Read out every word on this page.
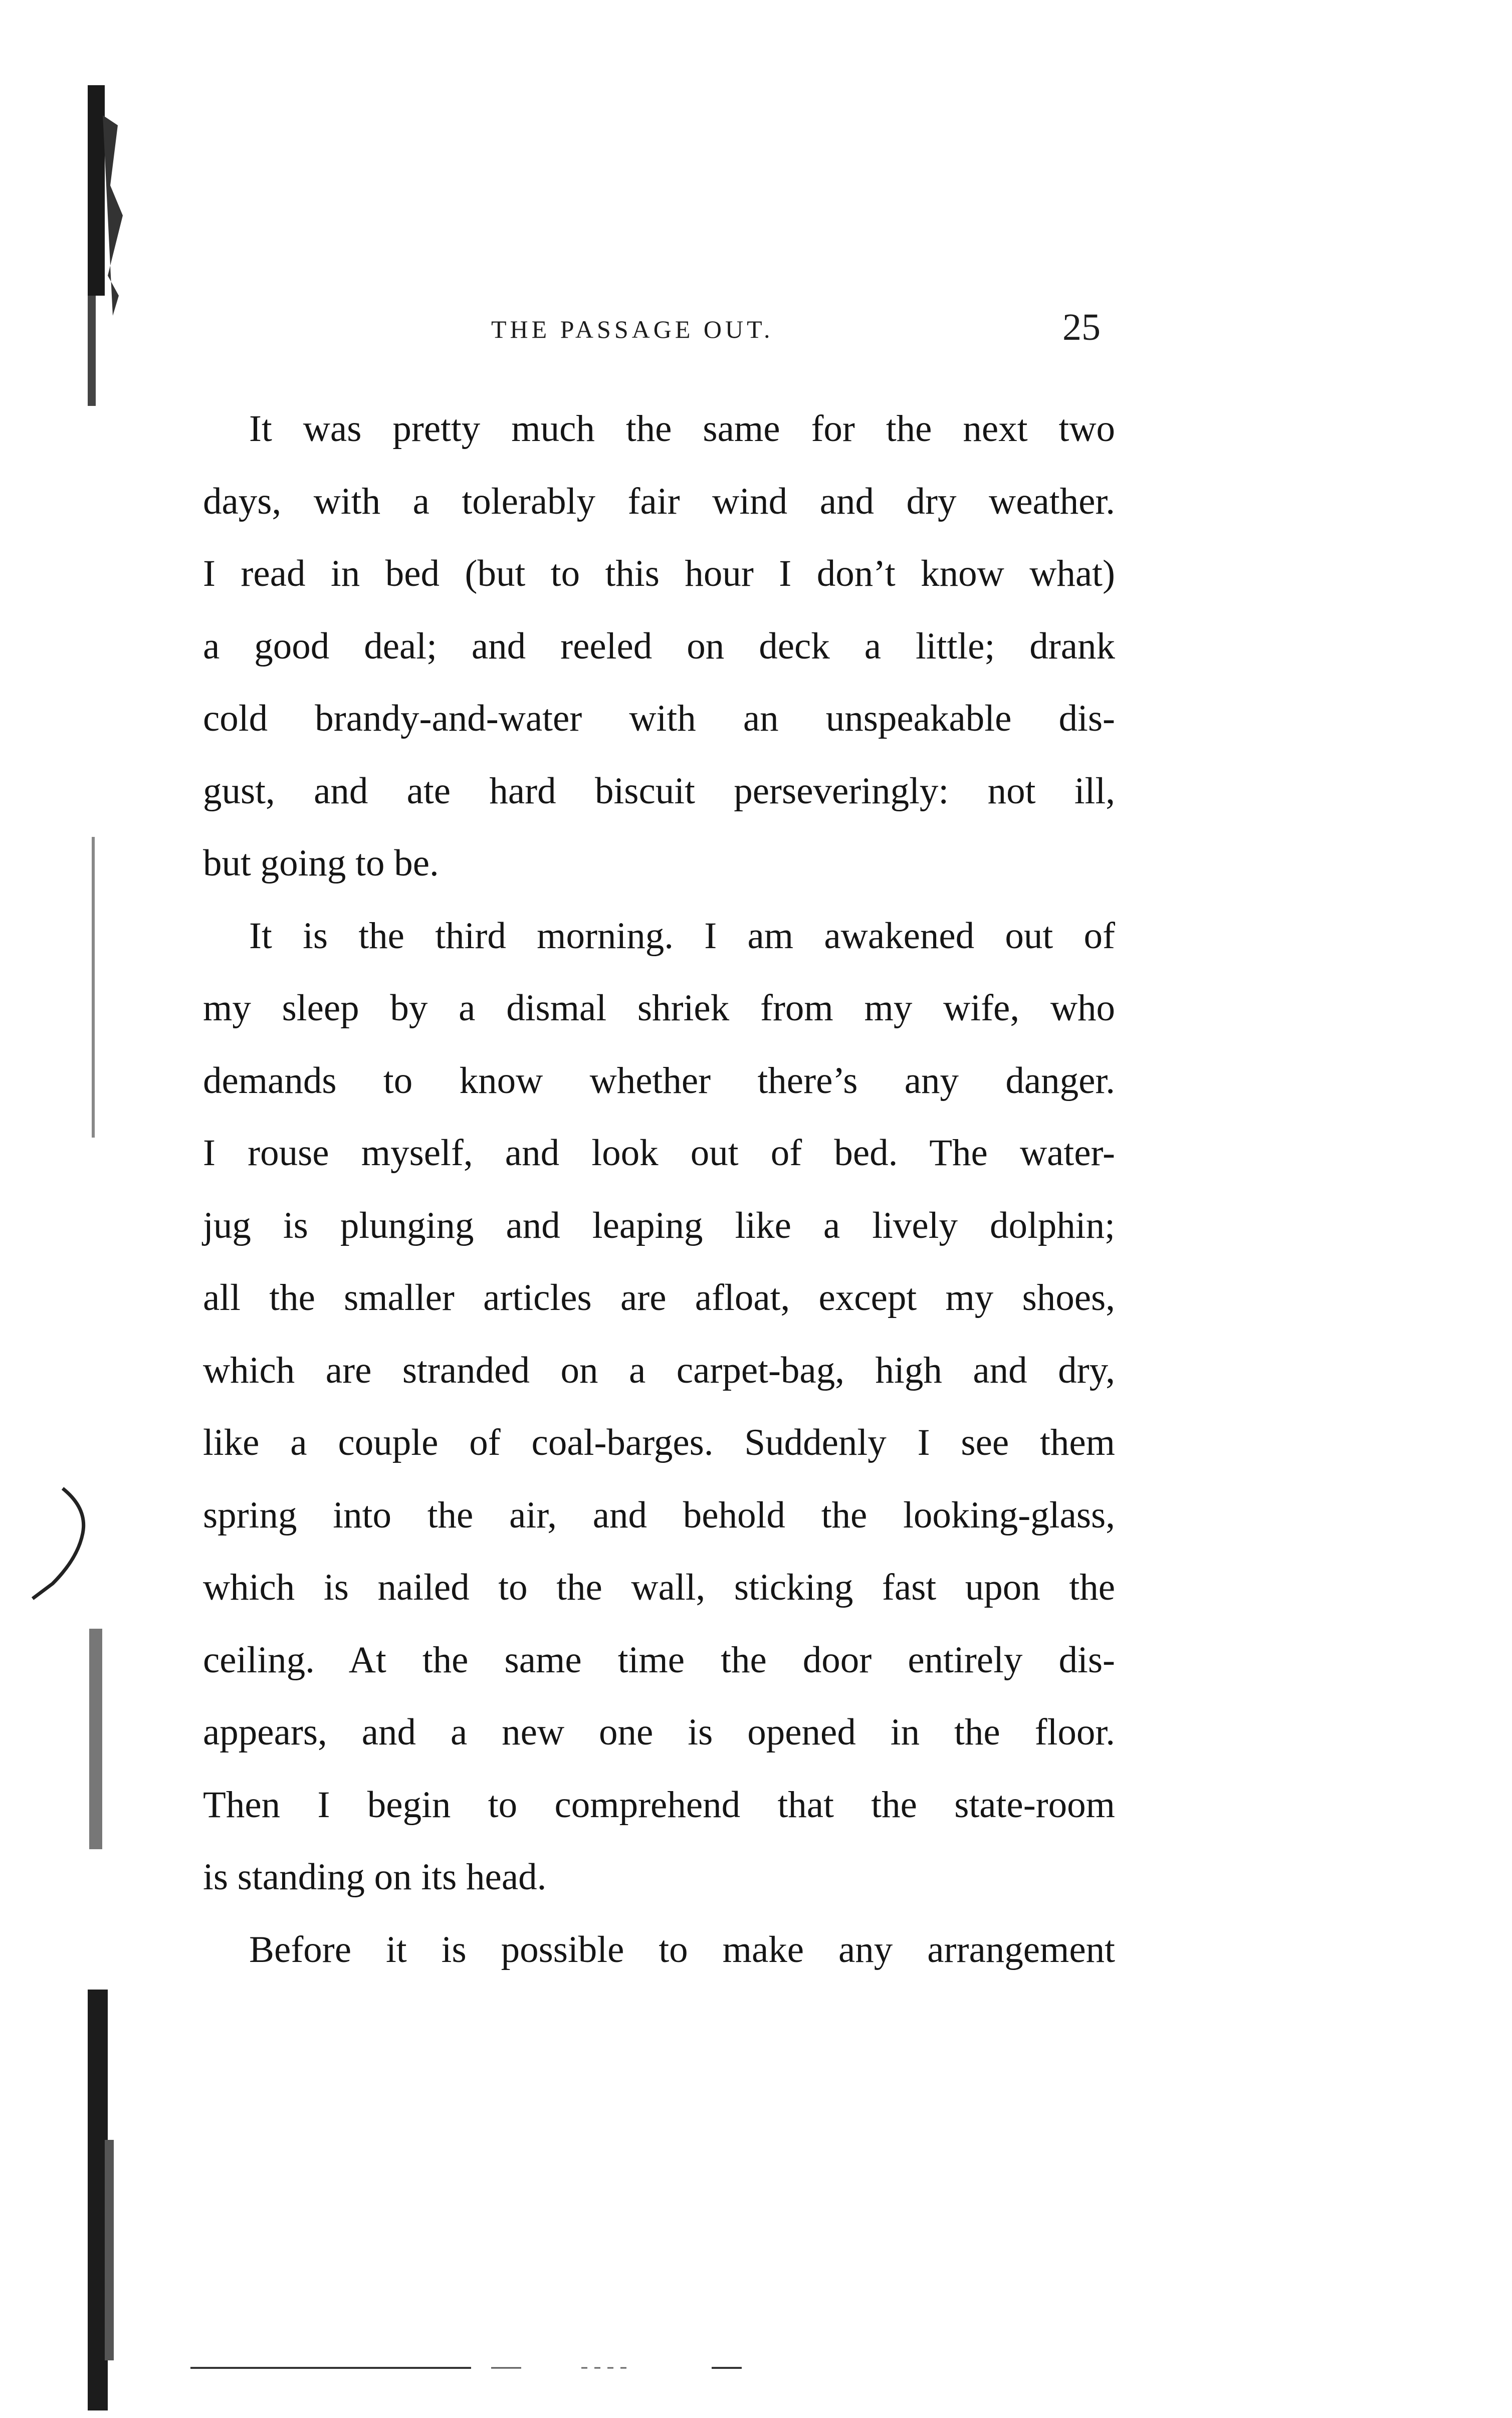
THE PASSAGE OUT.	25
It was pretty much the same for the next two
days, with a tolerably fair wind and dry weather.
I read in bed (but to this hour I don’t know what)
a good deal; and reeled on deck a little; drank
cold brandy-and-water with an unspeakable dis-
gust, and ate hard biscuit perseveringly: not ill,
but going to be.
It is the third morning. I am awakened out of
my sleep by a dismal shriek from my wife, who
demands to know whether there’s any danger.
I rouse myself, and look out of bed. The water-
jug is plunging and leaping like a lively dolphin;
all the smaller articles are afloat, except my shoes,
which are stranded on a carpet-bag, high and dry,
like a couple of coal-barges. Suddenly I see them
spring into the air, and behold the looking-glass,
which is nailed to the wall, sticking fast upon the
ceiling. At the same time the door entirely dis-
appears, and a new one is opened in the floor.
Then I begin to comprehend that the state-room
is standing on its head.
Before it is possible to make any arrangement
